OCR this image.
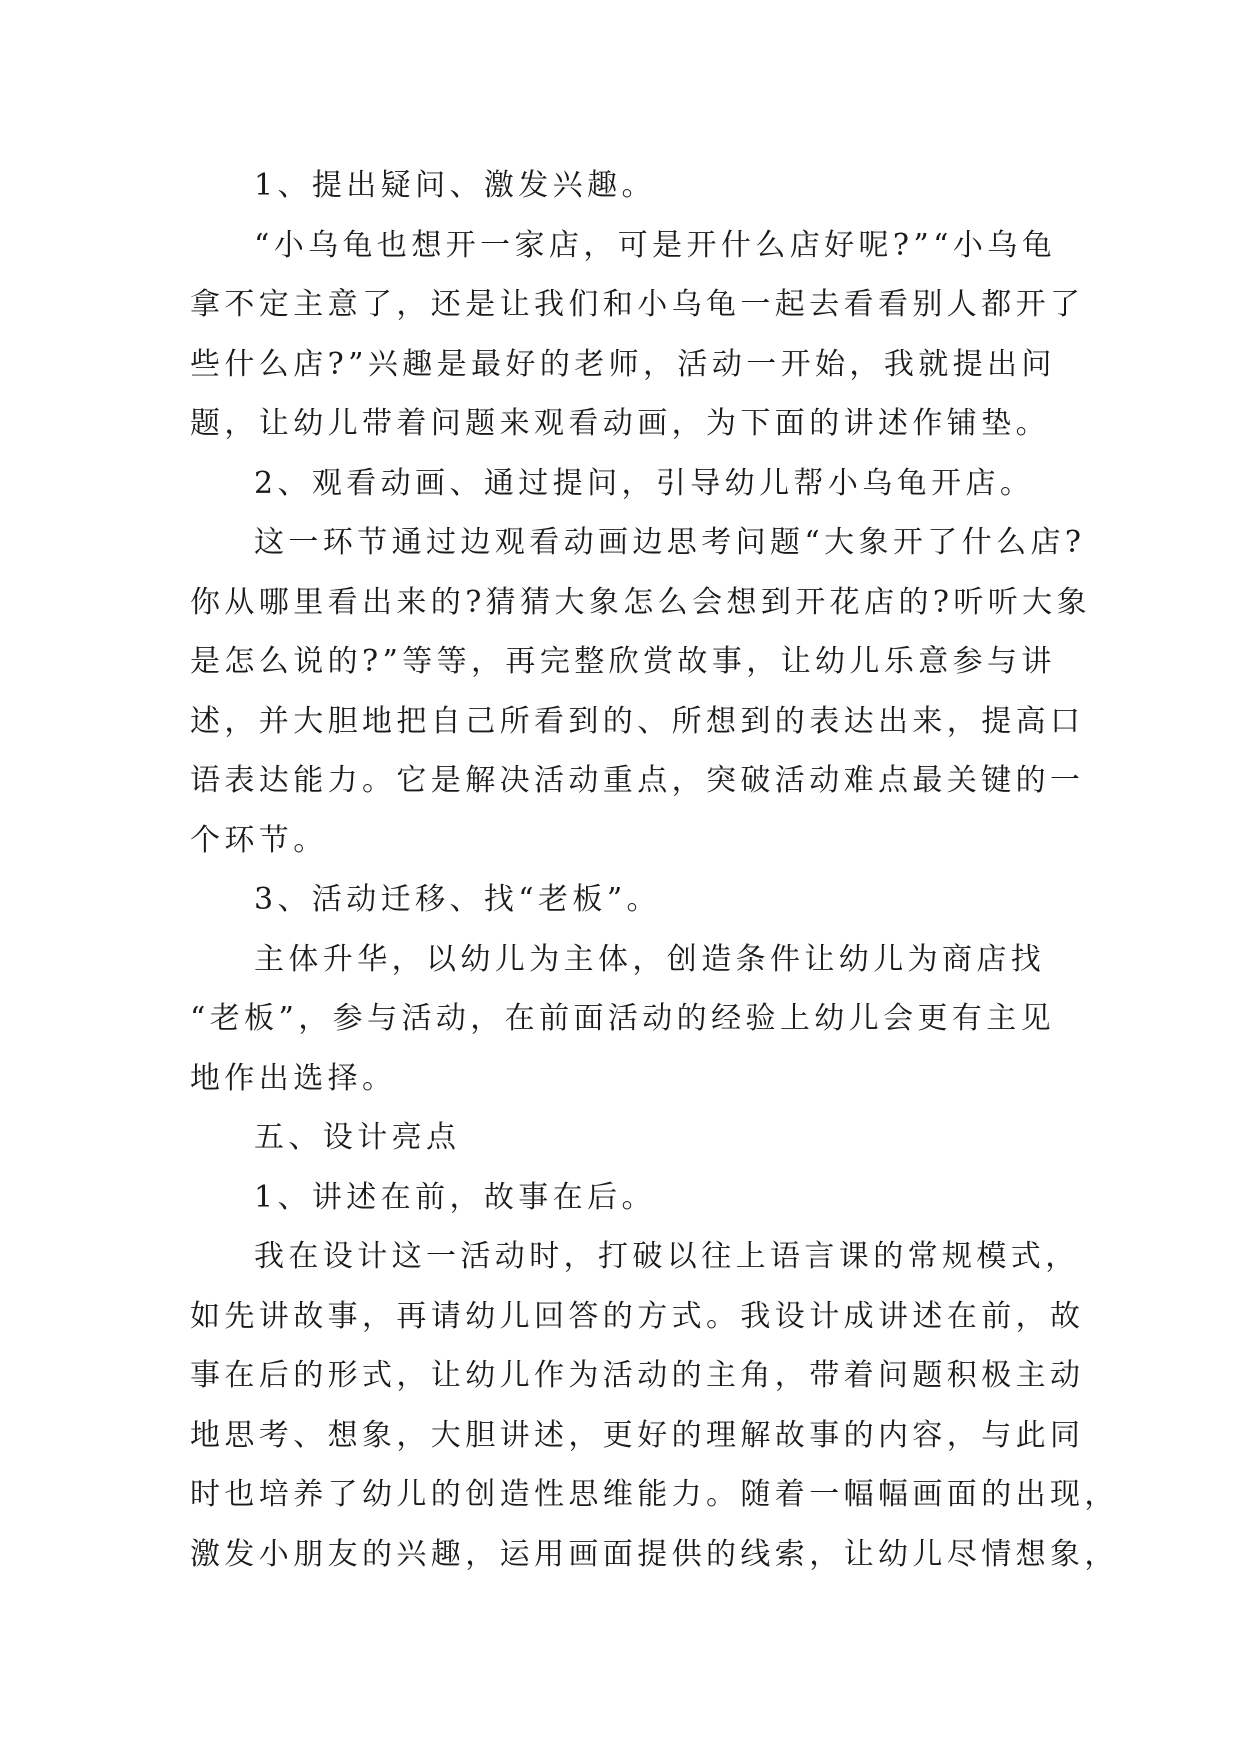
1、提出疑问、激发兴趣。
“小乌龟也想开一家店，可是开什么店好呢?”“小乌龟
拿不定主意了，还是让我们和小乌龟一起去看看别人都开了
些什么店?”兴趣是最好的老师，活动一开始，我就提出问
题，让幼儿带着问题来观看动画，为下面的讲述作铺垫。
2、观看动画、通过提问，引导幼儿帮小乌龟开店。
这一环节通过边观看动画边思考问题“大象开了什么店?
你从哪里看出来的?猜猜大象怎么会想到开花店的?听听大象
是怎么说的?”等等，再完整欣赏故事，让幼儿乐意参与讲
述，并大胆地把自己所看到的、所想到的表达出来，提高口
语表达能力。它是解决活动重点，突破活动难点最关键的一
个环节。
3、活动迁移、找“老板”。
主体升华，以幼儿为主体，创造条件让幼儿为商店找
“老板”，参与活动，在前面活动的经验上幼儿会更有主见
地作出选择。
五、设计亮点
1、讲述在前，故事在后。
我在设计这一活动时，打破以往上语言课的常规模式，
如先讲故事，再请幼儿回答的方式。我设计成讲述在前，故
事在后的形式，让幼儿作为活动的主角，带着问题积极主动
地思考、想象，大胆讲述，更好的理解故事的内容，与此同
时也培养了幼儿的创造性思维能力。随着一幅幅画面的出现，
激发小朋友的兴趣，运用画面提供的线索，让幼儿尽情想象，
